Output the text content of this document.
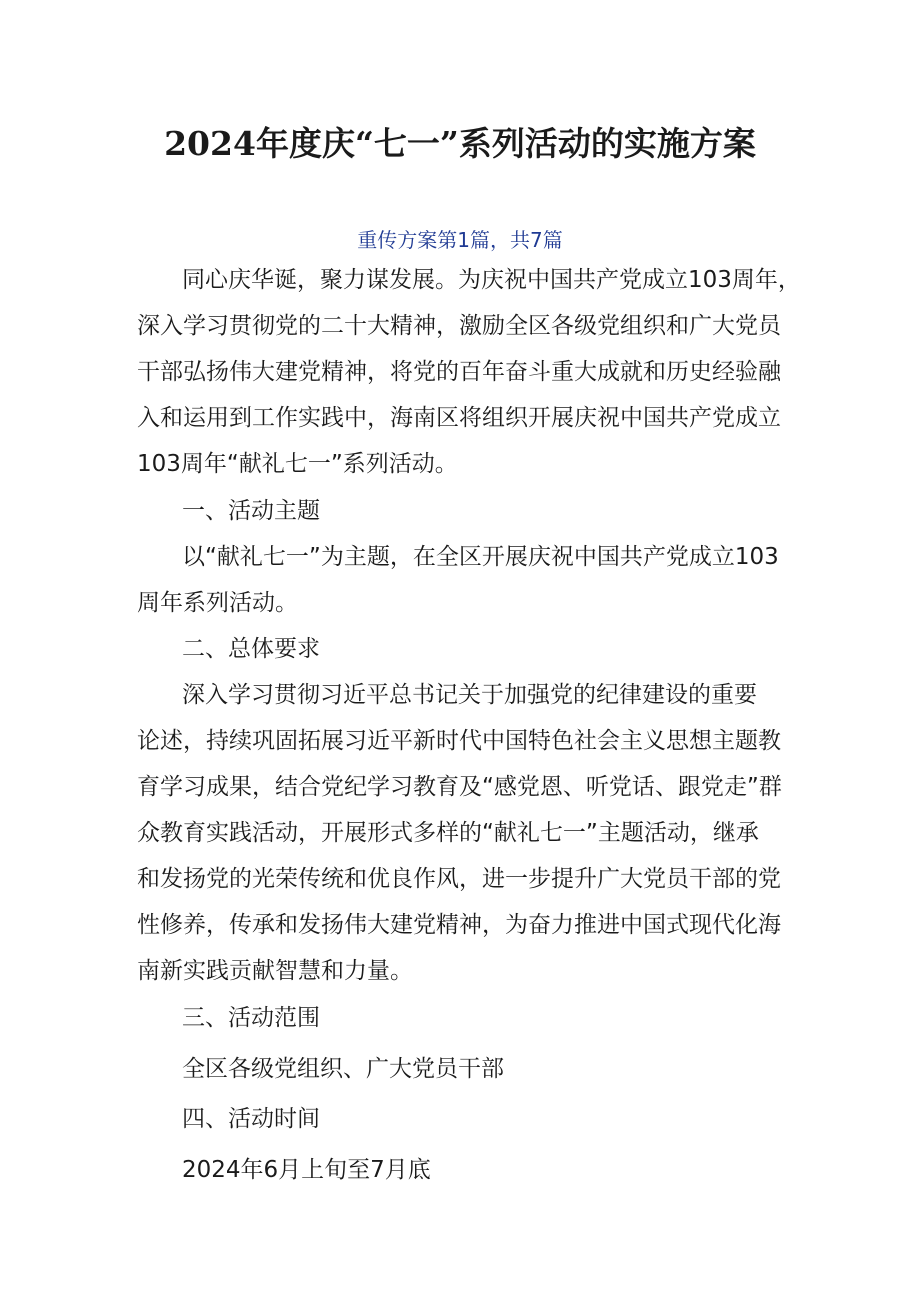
2024年度庆“七一”系列活动的实施方案

重传方案第1篇，共7篇

同心庆华诞，聚力谋发展。为庆祝中国共产党成立103周年，

深入学习贯彻党的二十大精神，激励全区各级党组织和广大党员

干部弘扬伟大建党精神，将党的百年奋斗重大成就和历史经验融

入和运用到工作实践中，海南区将组织开展庆祝中国共产党成立

103周年“献礼七一”系列活动。

一、活动主题

以“献礼七一”为主题，在全区开展庆祝中国共产党成立103

周年系列活动。

二、总体要求

深入学习贯彻习近平总书记关于加强党的纪律建设的重要

论述，持续巩固拓展习近平新时代中国特色社会主义思想主题教

育学习成果，结合党纪学习教育及“感党恩、听党话、跟党走”群

众教育实践活动，开展形式多样的“献礼七一”主题活动，继承

和发扬党的光荣传统和优良作风，进一步提升广大党员干部的党

性修养，传承和发扬伟大建党精神，为奋力推进中国式现代化海

南新实践贡献智慧和力量。

三、活动范围

全区各级党组织、广大党员干部

四、活动时间

2024年6月上旬至7月底
